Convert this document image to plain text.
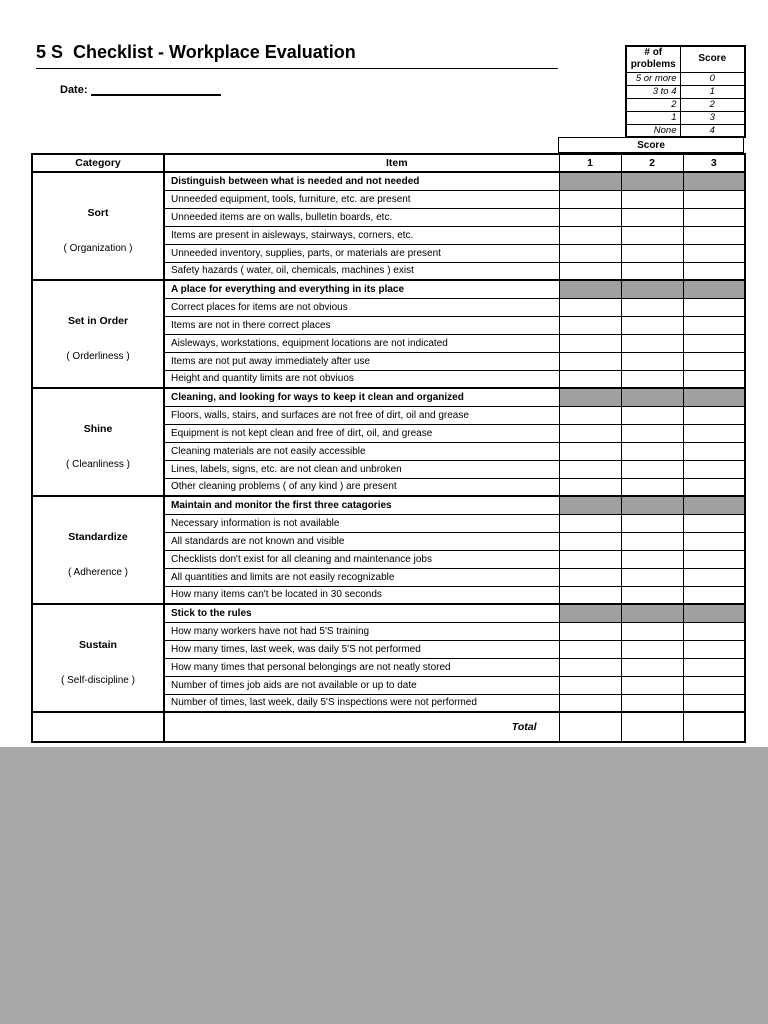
5 S  Checklist - Workplace Evaluation
Date:
# of problems	Score
5 or more	0
3 to 4	1
2	2
1	3
None	4
Score
Category	Item	1	2	3

Sort
( Organization )	Distinguish between what is needed and not needed			
	Unneeded equipment, tools, furniture, etc. are present			
	Unneeded items are on walls, bulletin boards, etc.			
	Items are present in aisleways, stairways, corners, etc.			
	Unneeded inventory, supplies, parts, or materials are present			
	Safety hazards ( water, oil, chemicals, machines ) exist			

Set in Order
( Orderliness )	A place for everything and everything in its place			
	Correct places for items are not obvious			
	Items are not in there correct places			
	Aisleways, workstations, equipment locations are not indicated			
	Items are not put away immediately after use			
	Height and quantity limits are not obviuos			

Shine
( Cleanliness )	Cleaning, and looking for ways to keep it clean and organized			
	Floors, walls, stairs, and surfaces are not free of dirt, oil and grease			
	Equipment is not kept clean and free of dirt, oil, and grease			
	Cleaning materials are not easily accessible			
	Lines, labels, signs, etc. are not clean and unbroken			
	Other cleaning problems ( of any kind ) are present			

Standardize
( Adherence )	Maintain and monitor the first three catagories			
	Necessary information is not available			
	All standards are not known and visible			
	Checklists don't exist for all cleaning and maintenance jobs			
	All quantities and limits are not easily recognizable			
	How many items can't be located in 30 seconds			

Sustain
( Self-discipline )	Stick to the rules			
	How many workers have not had 5'S training			
	How many times, last week, was daily 5'S not performed			
	How many times that personal belongings are not neatly stored			
	Number of times job aids are not available or up to date			
	Number of times, last week, daily 5'S inspections were not performed			
	Total			
